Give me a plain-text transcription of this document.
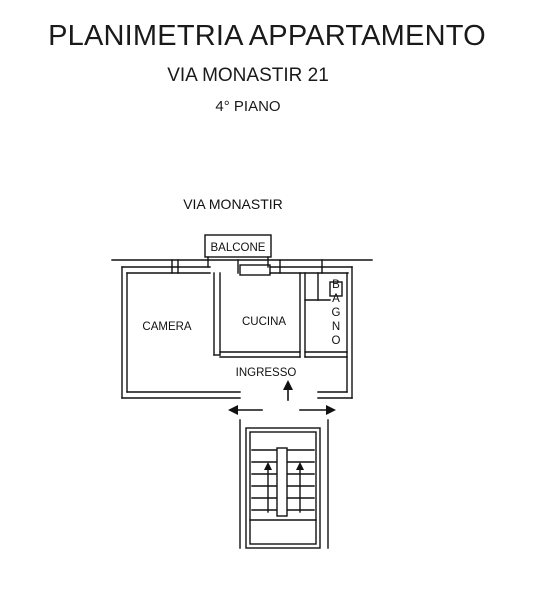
PLANIMETRIA APPARTAMENTO
VIA MONASTIR 21
4° PIANO
VIA MONASTIR
BALCONE
CAMERA	CUCINA
INGRESSO
B
A
G
N
O
